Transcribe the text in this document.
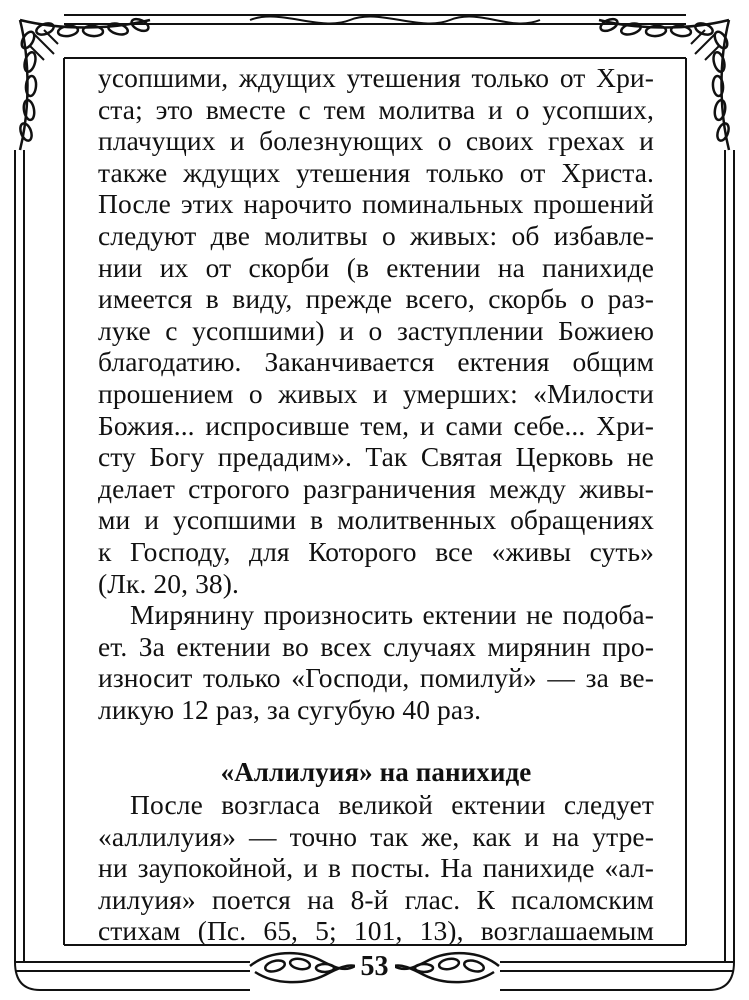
усопшими, ждущих утешения только от Хри-
ста; это вместе с тем молитва и о усопших,
плачущих и болезнующих о своих грехах и
также ждущих утешения только от Христа.
После этих нарочито поминальных прошений
следуют две молитвы о живых: об избавле-
нии их от скорби (в ектении на панихиде
имеется в виду, прежде всего, скорбь о раз-
луке с усопшими) и о заступлении Божиею
благодатию. Заканчивается ектения общим
прошением о живых и умерших: «Милости
Божия... испросивше тем, и сами себе... Хри-
сту Богу предадим». Так Святая Церковь не
делает строгого разграничения между живы-
ми и усопшими в молитвенных обращениях
к Господу, для Которого все «живы суть»
(Лк. 20, 38).
Мирянину произносить ектении не подоба-
ет. За ектении во всех случаях мирянин про-
износит только «Господи, помилуй» — за ве-
ликую 12 раз, за сугубую 40 раз.
«Аллилуия» на панихиде
После возгласа великой ектении следует
«аллилуия» — точно так же, как и на утре-
ни заупокойной, и в посты. На панихиде «ал-
лилуия» поется на 8-й глас. К псаломским
стихам (Пс. 65, 5; 101, 13), возглашаемым
53
